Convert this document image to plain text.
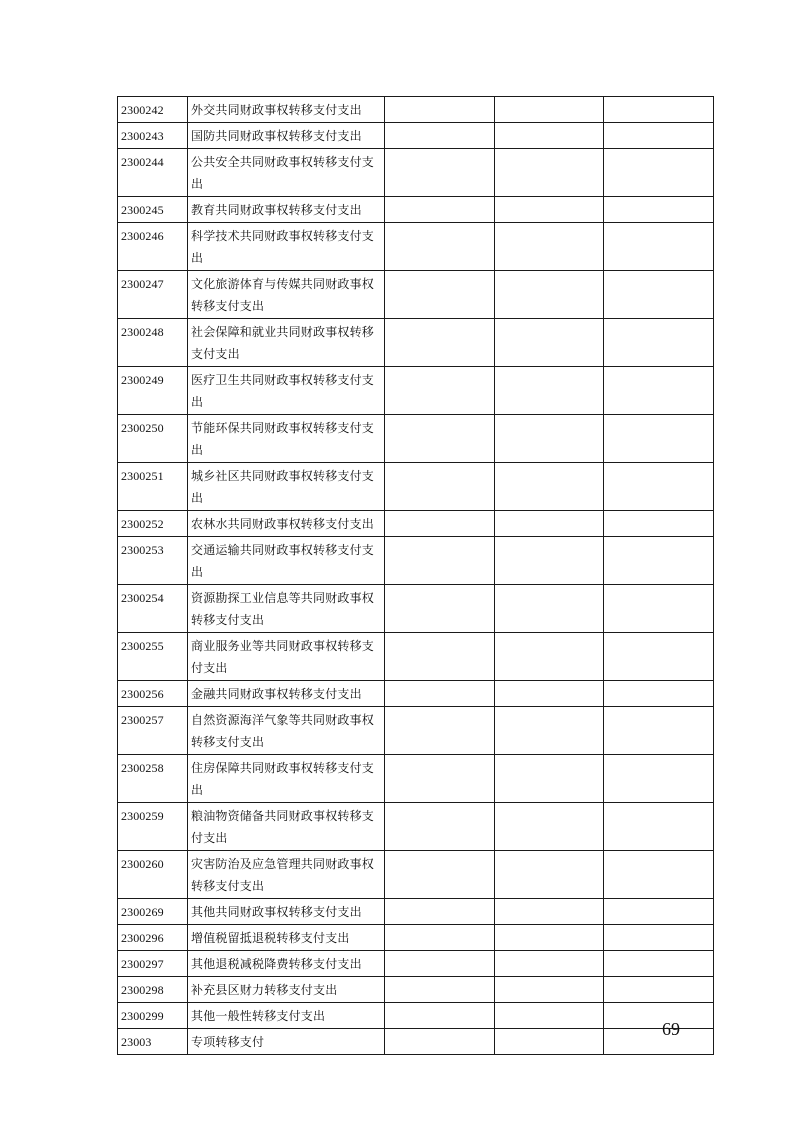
2300242	外交共同财政事权转移支付支出			
2300243	国防共同财政事权转移支付支出			
2300244	公共安全共同财政事权转移支付支出			
2300245	教育共同财政事权转移支付支出			
2300246	科学技术共同财政事权转移支付支出			
2300247	文化旅游体育与传媒共同财政事权转移支付支出			
2300248	社会保障和就业共同财政事权转移支付支出			
2300249	医疗卫生共同财政事权转移支付支出			
2300250	节能环保共同财政事权转移支付支出			
2300251	城乡社区共同财政事权转移支付支出			
2300252	农林水共同财政事权转移支付支出			
2300253	交通运输共同财政事权转移支付支出			
2300254	资源勘探工业信息等共同财政事权转移支付支出			
2300255	商业服务业等共同财政事权转移支付支出			
2300256	金融共同财政事权转移支付支出			
2300257	自然资源海洋气象等共同财政事权转移支付支出			
2300258	住房保障共同财政事权转移支付支出			
2300259	粮油物资储备共同财政事权转移支付支出			
2300260	灾害防治及应急管理共同财政事权转移支付支出			
2300269	其他共同财政事权转移支付支出			
2300296	增值税留抵退税转移支付支出			
2300297	其他退税减税降费转移支付支出			
2300298	补充县区财力转移支付支出			
2300299	其他一般性转移支付支出			
23003	专项转移支付			
69
